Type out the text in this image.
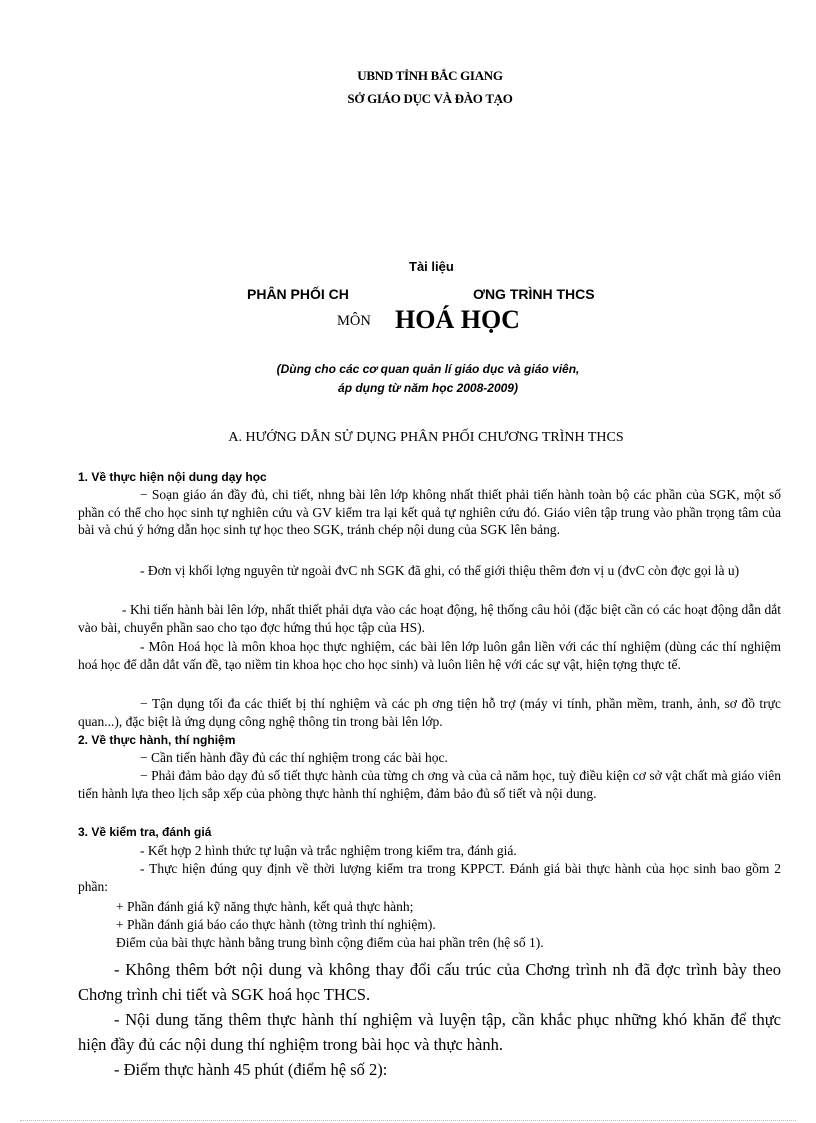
UBND TỈNH BẮC GIANG
SỞ GIÁO DỤC VÀ ĐÀO TẠO
Tài liệu
PHÂN PHỐI CH	ƠNG TRÌNH THCS
MÔN HOÁ HỌC
(Dùng cho các cơ quan quản lí giáo dục và giáo viên,
áp dụng từ năm học 2008-2009)
A. HƯỚNG DẪN SỬ DỤNG PHÂN PHỐI CHƯƠNG TRÌNH THCS
1. Về thực hiện nội dung dạy học

− Soạn giáo án đầy đủ, chi tiết, nhng bài lên lớp không nhất thiết phải tiến hành toàn bộ các phần của SGK, một số phần có thể cho học sinh tự nghiên cứu và GV kiểm tra lại kết quả tự nghiên cứu đó. Giáo viên tập trung vào phần trọng tâm của bài và chú ý hớng dẫn học sinh tự học theo SGK, tránh chép nội dung của SGK lên bảng.

- Đơn vị khối lợng nguyên tử ngoài đvC nh SGK đã ghi, có thể giới thiệu thêm đơn vị u (đvC còn đợc gọi là u)

- Khi tiến hành bài lên lớp, nhất thiết phải dựa vào các hoạt động, hệ thống câu hỏi (đặc biệt cần có các hoạt động dẫn dắt vào bài, chuyển phần sao cho tạo đợc hứng thú học tập của HS).

- Môn Hoá học là môn khoa học thực nghiệm, các bài lên lớp luôn gắn liền với các thí nghiệm (dùng các thí nghiệm hoá học để dẫn dắt vấn đề, tạo niềm tin khoa học cho học sinh) và luôn liên hệ với các sự vật, hiện tợng thực tế.

− Tận dụng tối đa các thiết bị thí nghiệm và các ph ơng tiện hỗ trợ (máy vi tính, phần mềm, tranh, ảnh, sơ đồ trực quan...), đặc biệt là ứng dụng công nghệ thông tin trong bài lên lớp.

2. Về thực hành, thí nghiệm

− Cần tiến hành đầy đủ các thí nghiệm trong các bài học.

− Phải đảm bảo dạy đủ số tiết thực hành của từng ch ơng và của cả năm học, tuỳ điều kiện cơ sở vật chất mà giáo viên tiến hành lựa theo lịch sắp xếp của phòng thực hành thí nghiệm, đảm bảo đủ số tiết và nội dung.

3. Về kiểm tra, đánh giá

- Kết hợp 2 hình thức tự luận và trắc nghiệm trong kiểm tra, đánh giá.

- Thực hiện đúng quy định về thời lượng kiểm tra trong KPPCT. Đánh giá bài thực hành của học sinh bao gồm 2 phần:

+ Phần đánh giá kỹ năng thực hành, kết quả thực hành;

+ Phần đánh giá báo cáo thực hành (tờng trình thí nghiệm).

Điểm của bài thực hành bằng trung bình cộng điểm của hai phần trên (hệ số 1).

- Không thêm bớt nội dung và không thay đổi cấu trúc của Chơng trình nh đã đợc trình bày theo Chơng trình chi tiết và SGK hoá học THCS.

- Nội dung tăng thêm thực hành thí nghiệm và luyện tập, cần khắc phục những khó khăn để thực hiện đầy đủ các nội dung thí nghiệm trong bài học và thực hành.

- Điểm thực hành 45 phút (điểm hệ số 2):
